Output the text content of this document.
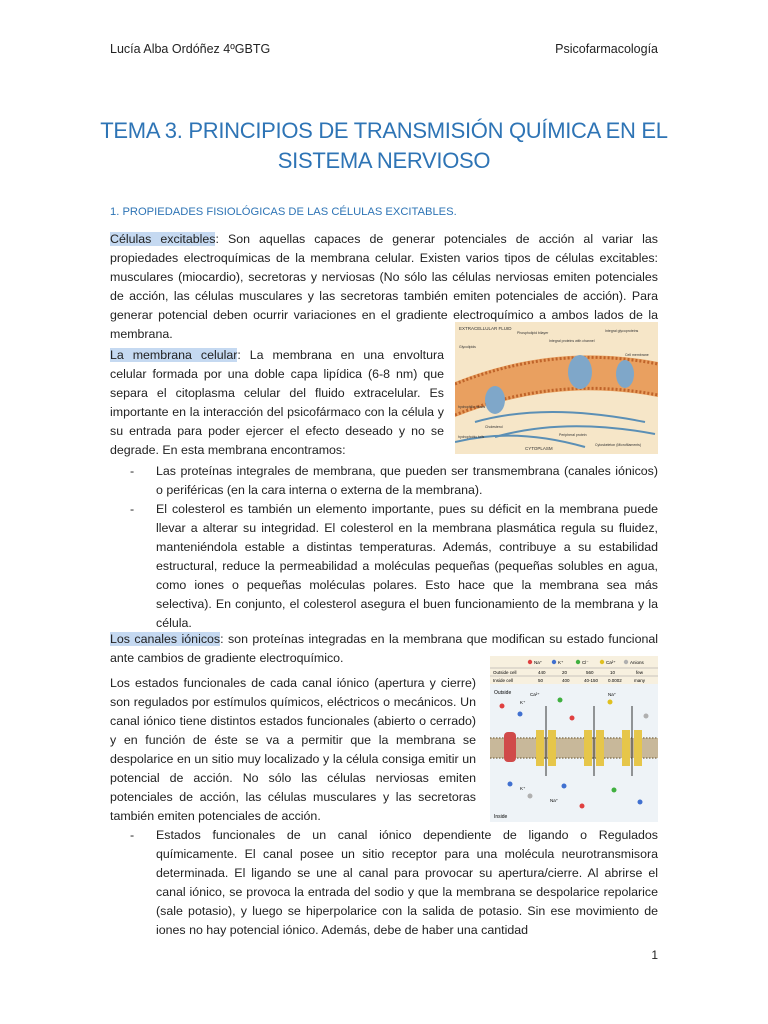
Lucía Alba Ordóñez 4ºGBTG	Psicofarmacología
TEMA 3. PRINCIPIOS DE TRANSMISIÓN QUÍMICA EN EL
SISTEMA NERVIOSO
1. PROPIEDADES FISIOLÓGICAS DE LAS CÉLULAS EXCITABLES.
Células excitables: Son aquellas capaces de generar potenciales de acción al variar las propiedades electroquímicas de la membrana celular. Existen varios tipos de células excitables: musculares (miocardio), secretoras y nerviosas (No sólo las células nerviosas emiten potenciales de acción, las células musculares y las secretoras también emiten potenciales de acción). Para generar potencial deben ocurrir variaciones en el gradiente electroquímico a ambos lados de la membrana.
La membrana celular: La membrana en una envoltura celular formada por una doble capa lipídica (6-8 nm) que separa el citoplasma celular del fluido extracelular. Es importante en la interacción del psicofármaco con la célula y su entrada para poder ejercer el efecto deseado y no se degrade. En esta membrana encontramos:
EXTRACELLULAR FLUID
Phospholipid bilayer
Glycolipids
Integral proteins with channel
Integral glycoproteins
Cell membrane
hydrophilic heads
Cholesterol
Peripheral protein
hydrophobic tails
Cytoskeleton (Microfilaments)
CYTOPLASM
- Las proteínas integrales de membrana, que pueden ser transmembrana (canales iónicos) o periféricas (en la cara interna o externa de la membrana).
- El colesterol es también un elemento importante, pues su déficit en la membrana puede llevar a alterar su integridad. El colesterol en la membrana plasmática regula su fluidez, manteniéndola estable a distintas temperaturas. Además, contribuye a su estabilidad estructural, reduce la permeabilidad a moléculas pequeñas (pequeñas solubles en agua, como iones o pequeñas moléculas polares. Esto hace que la membrana sea más selectiva). En conjunto, el colesterol asegura el buen funcionamiento de la membrana y la célula.
Los canales iónicos: son proteínas integradas en la membrana que modifican su estado funcional ante cambios de gradiente electroquímico.
Los estados funcionales de cada canal iónico (apertura y cierre) son regulados por estímulos químicos, eléctricos o mecánicos. Un canal iónico tiene distintos estados funcionales (abierto o cerrado) y en función de éste se va a permitir que la membrana se despolarice en un sitio muy localizado y la célula consiga emitir un potencial de acción. No sólo las células nerviosas emiten potenciales de acción, las células musculares y las secretoras también emiten potenciales de acción.
Na⁺	K⁺	Cl⁻	Ca²⁺	Anions
Outside cell	440	20	560	10	few
Inside cell	50	400	40-150 0.0002	many
Outside
K⁺
Ca²⁺	Na⁺
K⁺
Na⁺
Inside
- Estados funcionales de un canal iónico dependiente de ligando o Regulados químicamente. El canal posee un sitio receptor para una molécula neurotransmisora determinada. El ligando se une al canal para provocar su apertura/cierre. Al abrirse el canal iónico, se provoca la entrada del sodio y que la membrana se despolarice repolarice (sale potasio), y luego se hiperpolarice con la salida de potasio. Sin ese movimiento de iones no hay potencial iónico. Además, debe de haber una cantidad
1
